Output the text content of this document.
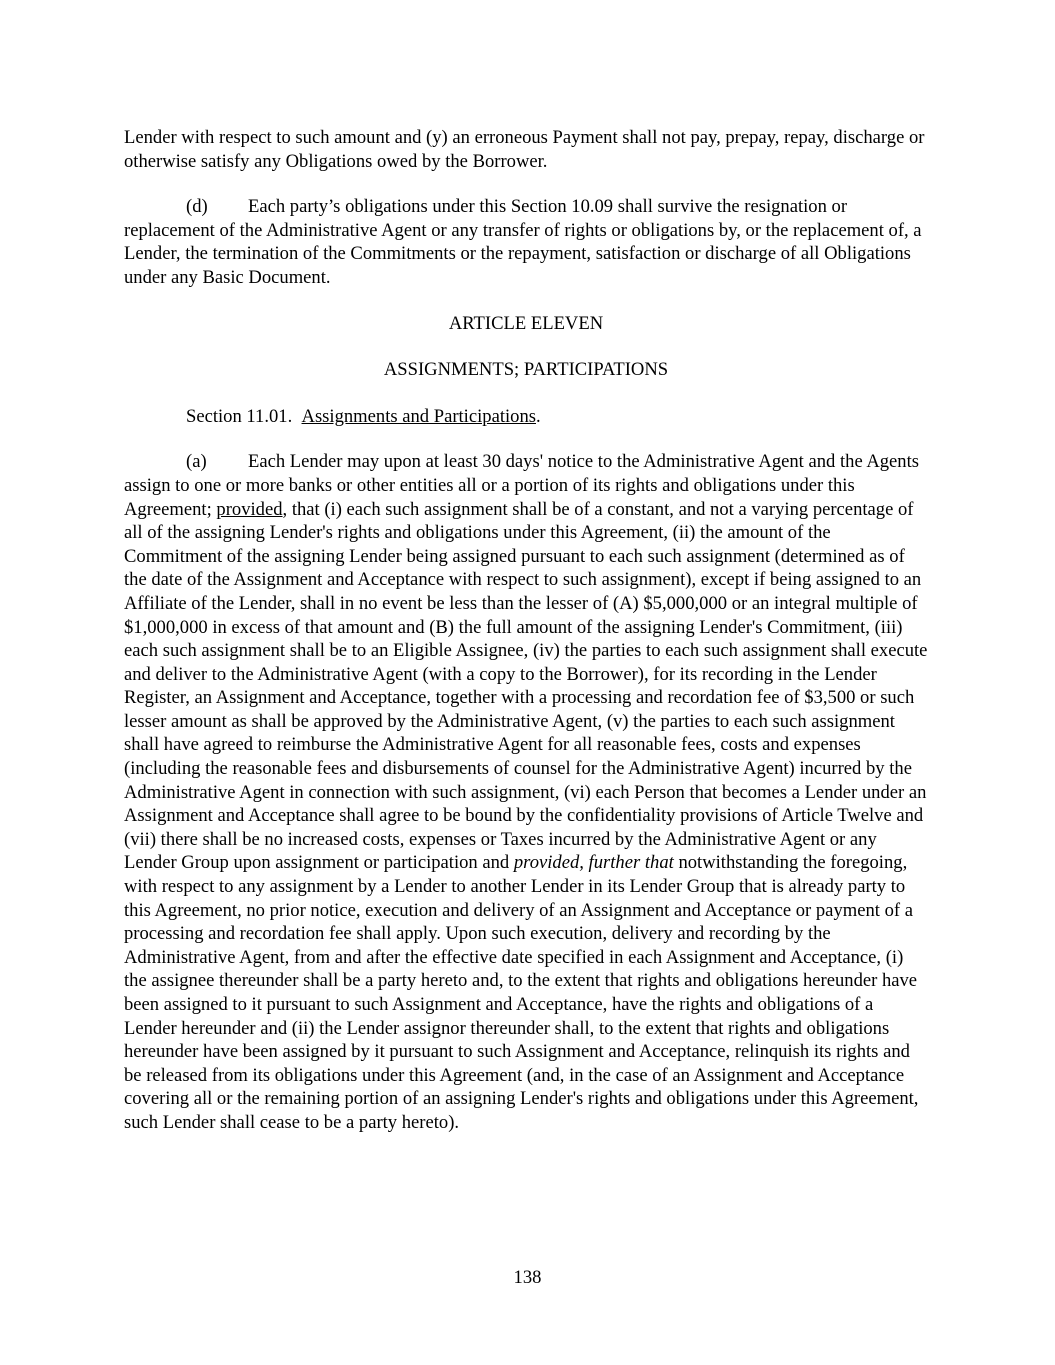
Lender with respect to such amount and (y) an erroneous Payment shall not pay, prepay, repay, discharge or otherwise satisfy any Obligations owed by the Borrower.

(d) Each party’s obligations under this Section 10.09 shall survive the resignation or replacement of the Administrative Agent or any transfer of rights or obligations by, or the replacement of, a Lender, the termination of the Commitments or the repayment, satisfaction or discharge of all Obligations under any Basic Document.

ARTICLE ELEVEN

ASSIGNMENTS; PARTICIPATIONS

Section 11.01. Assignments and Participations.

(a) Each Lender may upon at least 30 days' notice to the Administrative Agent and the Agents assign to one or more banks or other entities all or a portion of its rights and obligations under this Agreement; provided, that (i) each such assignment shall be of a constant, and not a varying percentage of all of the assigning Lender's rights and obligations under this Agreement, (ii) the amount of the Commitment of the assigning Lender being assigned pursuant to each such assignment (determined as of the date of the Assignment and Acceptance with respect to such assignment), except if being assigned to an Affiliate of the Lender, shall in no event be less than the lesser of (A) $5,000,000 or an integral multiple of $1,000,000 in excess of that amount and (B) the full amount of the assigning Lender's Commitment, (iii) each such assignment shall be to an Eligible Assignee, (iv) the parties to each such assignment shall execute and deliver to the Administrative Agent (with a copy to the Borrower), for its recording in the Lender Register, an Assignment and Acceptance, together with a processing and recordation fee of $3,500 or such lesser amount as shall be approved by the Administrative Agent, (v) the parties to each such assignment shall have agreed to reimburse the Administrative Agent for all reasonable fees, costs and expenses (including the reasonable fees and disbursements of counsel for the Administrative Agent) incurred by the Administrative Agent in connection with such assignment, (vi) each Person that becomes a Lender under an Assignment and Acceptance shall agree to be bound by the confidentiality provisions of Article Twelve and (vii) there shall be no increased costs, expenses or Taxes incurred by the Administrative Agent or any Lender Group upon assignment or participation and provided, further that notwithstanding the foregoing, with respect to any assignment by a Lender to another Lender in its Lender Group that is already party to this Agreement, no prior notice, execution and delivery of an Assignment and Acceptance or payment of a processing and recordation fee shall apply. Upon such execution, delivery and recording by the Administrative Agent, from and after the effective date specified in each Assignment and Acceptance, (i) the assignee thereunder shall be a party hereto and, to the extent that rights and obligations hereunder have been assigned to it pursuant to such Assignment and Acceptance, have the rights and obligations of a Lender hereunder and (ii) the Lender assignor thereunder shall, to the extent that rights and obligations hereunder have been assigned by it pursuant to such Assignment and Acceptance, relinquish its rights and be released from its obligations under this Agreement (and, in the case of an Assignment and Acceptance covering all or the remaining portion of an assigning Lender's rights and obligations under this Agreement, such Lender shall cease to be a party hereto).

138
